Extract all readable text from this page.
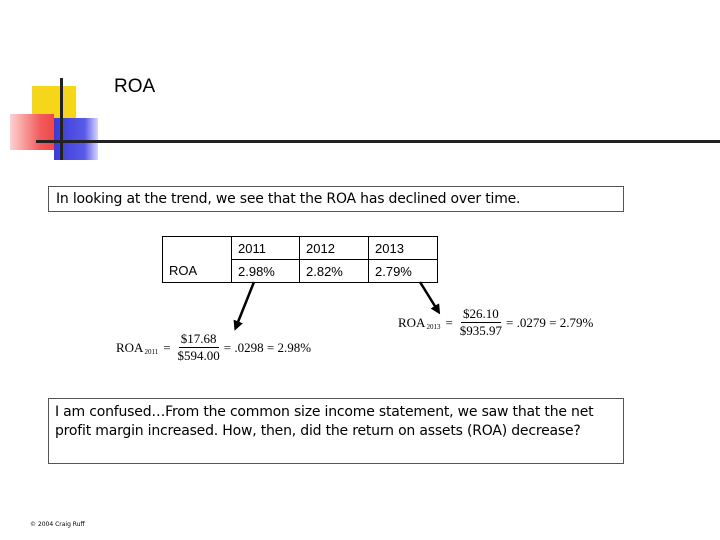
ROA
In looking at the trend, we see that the ROA has declined over time.
	2011	2012	2013
ROA	2.98%	2.82%	2.79%
ROA $2011 = \frac{\$17.68}{\$594.00} = .0298 = 2.98\%$
ROA $2013 = \frac{\$26.10}{\$935.97} = .0279 = 2.79\%$
I am confused…From the common size income statement, we saw that the net profit margin increased. How, then, did the return on assets (ROA) decrease?
© 2004 Craig Ruff
